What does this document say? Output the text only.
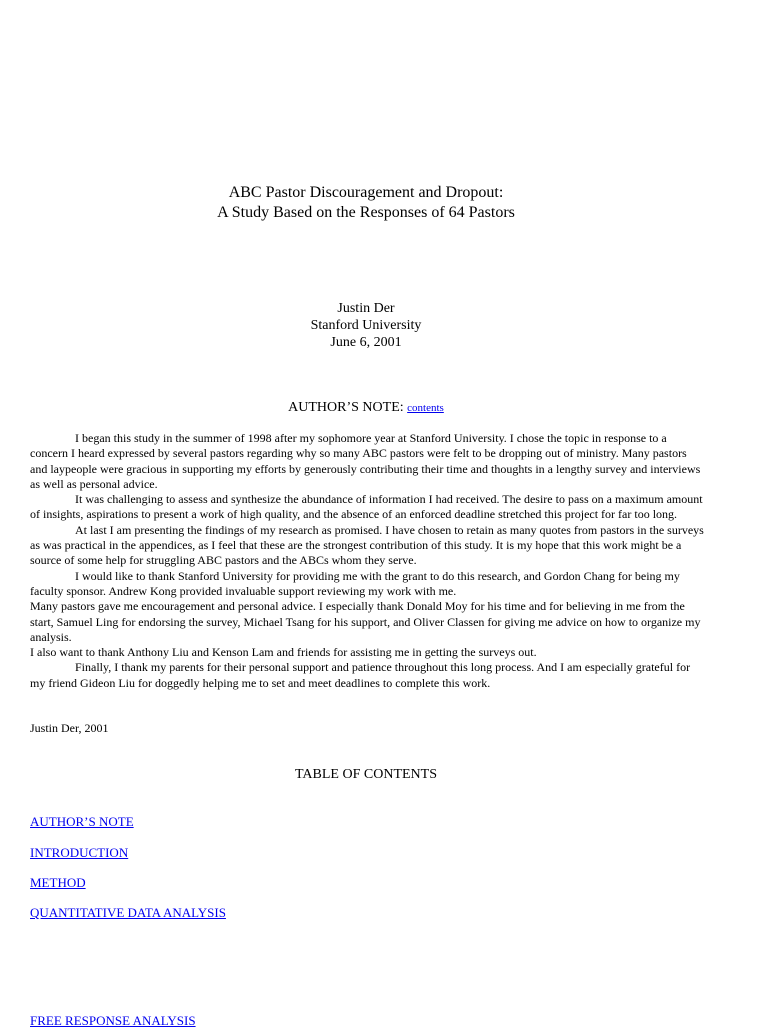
ABC Pastor Discouragement and Dropout:
A Study Based on the Responses of 64 Pastors
Justin Der
Stanford University
June 6, 2001
AUTHOR’S NOTE: contents

I began this study in the summer of 1998 after my sophomore year at Stanford University. I chose the topic in response to a concern I heard expressed by several pastors regarding why so many ABC pastors were felt to be dropping out of ministry. Many pastors and laypeople were gracious in supporting my efforts by generously contributing their time and thoughts in a lengthy survey and interviews as well as personal advice.

It was challenging to assess and synthesize the abundance of information I had received. The desire to pass on a maximum amount of insights, aspirations to present a work of high quality, and the absence of an enforced deadline stretched this project for far too long.

At last I am presenting the findings of my research as promised. I have chosen to retain as many quotes from pastors in the surveys as was practical in the appendices, as I feel that these are the strongest contribution of this study. It is my hope that this work might be a source of some help for struggling ABC pastors and the ABCs whom they serve.

I would like to thank Stanford University for providing me with the grant to do this research, and Gordon Chang for being my faculty sponsor. Andrew Kong provided invaluable support reviewing my work with me.

Many pastors gave me encouragement and personal advice. I especially thank Donald Moy for his time and for believing in me from the start, Samuel Ling for endorsing the survey, Michael Tsang for his support, and Oliver Classen for giving me advice on how to organize my analysis.

I also want to thank Anthony Liu and Kenson Lam and friends for assisting me in getting the surveys out.

Finally, I thank my parents for their personal support and patience throughout this long process. And I am especially grateful for my friend Gideon Liu for doggedly helping me to set and meet deadlines to complete this work.

Justin Der, 2001
TABLE OF CONTENTS
AUTHOR’S NOTE
INTRODUCTION
METHOD
QUANTITATIVE DATA ANALYSIS
FREE RESPONSE ANALYSIS
